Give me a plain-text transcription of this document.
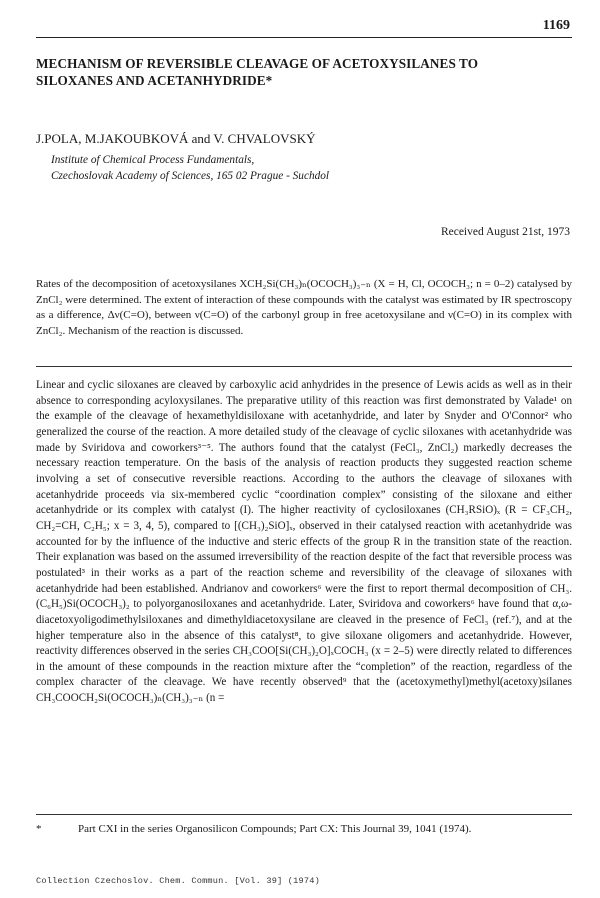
1169
MECHANISM OF REVERSIBLE CLEAVAGE OF ACETOXYSILANES TO SILOXANES AND ACETANHYDRIDE*
J.POLA, M.JAKOUBKOVÁ and V. CHVALOVSKÝ
Institute of Chemical Process Fundamentals,
Czechoslovak Academy of Sciences, 165 02 Prague - Suchdol
Received August 21st, 1973

Rates of the decomposition of acetoxysilanes XCH₂Si(CH₃)ₙ(OCOCH₃)₃₋ₙ (X = H, Cl, OCOCH₃; n = 0–2) catalysed by ZnCl₂ were determined. The extent of interaction of these compounds with the catalyst was estimated by IR spectroscopy as a difference, Δν(C=O), between ν(C=O) of the carbonyl group in free acetoxysilane and ν(C=O) in its complex with ZnCl₂. Mechanism of the reaction is discussed.

Linear and cyclic siloxanes are cleaved by carboxylic acid anhydrides in the presence of Lewis acids as well as in their absence to corresponding acyloxysilanes. The preparative utility of this reaction was first demonstrated by Valade¹ on the example of the cleavage of hexamethyldisiloxane with acetanhydride, and later by Snyder and O'Connor² who generalized the course of the reaction. A more detailed study of the cleavage of cyclic siloxanes with acetanhydride was made by Sviridova and coworkers³⁻⁵. The authors found that the catalyst (FeCl₃, ZnCl₂) markedly decreases the necessary reaction temperature. On the basis of the analysis of reaction products they suggested reaction scheme involving a set of consecutive reversible reactions. According to the authors the cleavage of siloxanes with acetanhydride proceeds via six-membered cyclic “coordination complex” consisting of the siloxane and either acetanhydride or its complex with catalyst (I). The higher reactivity of cyclosiloxanes (CH₃RSiO)ₓ (R = CF₃CH₂, CH₂=CH, C₂H₅; x = 3, 4, 5), compared to [(CH₃)₂SiO]ₓ, observed in their catalysed reaction with acetanhydride was accounted for by the influence of the inductive and steric effects of the group R in the transition state of the reaction. Their explanation was based on the assumed irreversibility of the reaction despite of the fact that reversible process was postulated³ in their works as a part of the reaction scheme and reversibility of the cleavage of siloxanes with acetanhydride had been established. Andrianov and coworkers⁶ were the first to report thermal decomposition of CH₃.(C₆H₅)Si(OCOCH₃)₂ to polyorganosiloxanes and acetanhydride. Later, Sviridova and coworkers⁶ have found that α,ω-diacetoxyoligodimethylsiloxanes and dimethyldiacetoxysilane are cleaved in the presence of FeCl₃ (ref.⁷), and at the higher temperature also in the absence of this catalyst⁸, to give siloxane oligomers and acetanhydride. However, reactivity differences observed in the series CH₃COO[Si(CH₃)₂O]ₓCOCH₃ (x = 2–5) were directly related to differences in the amount of these compounds in the reaction mixture after the “completion” of the reaction, regardless of the complex character of the cleavage. We have recently observed⁹ that the (acetoxymethyl)methyl(acetoxy)silanes CH₃COOCH₂Si(OCOCH₃)ₙ(CH₃)₃₋ₙ (n =

*	Part CXI in the series Organosilicon Compounds; Part CX: This Journal 39, 1041 (1974).
Collection Czechoslov. Chem. Commun. [Vol. 39] (1974)
